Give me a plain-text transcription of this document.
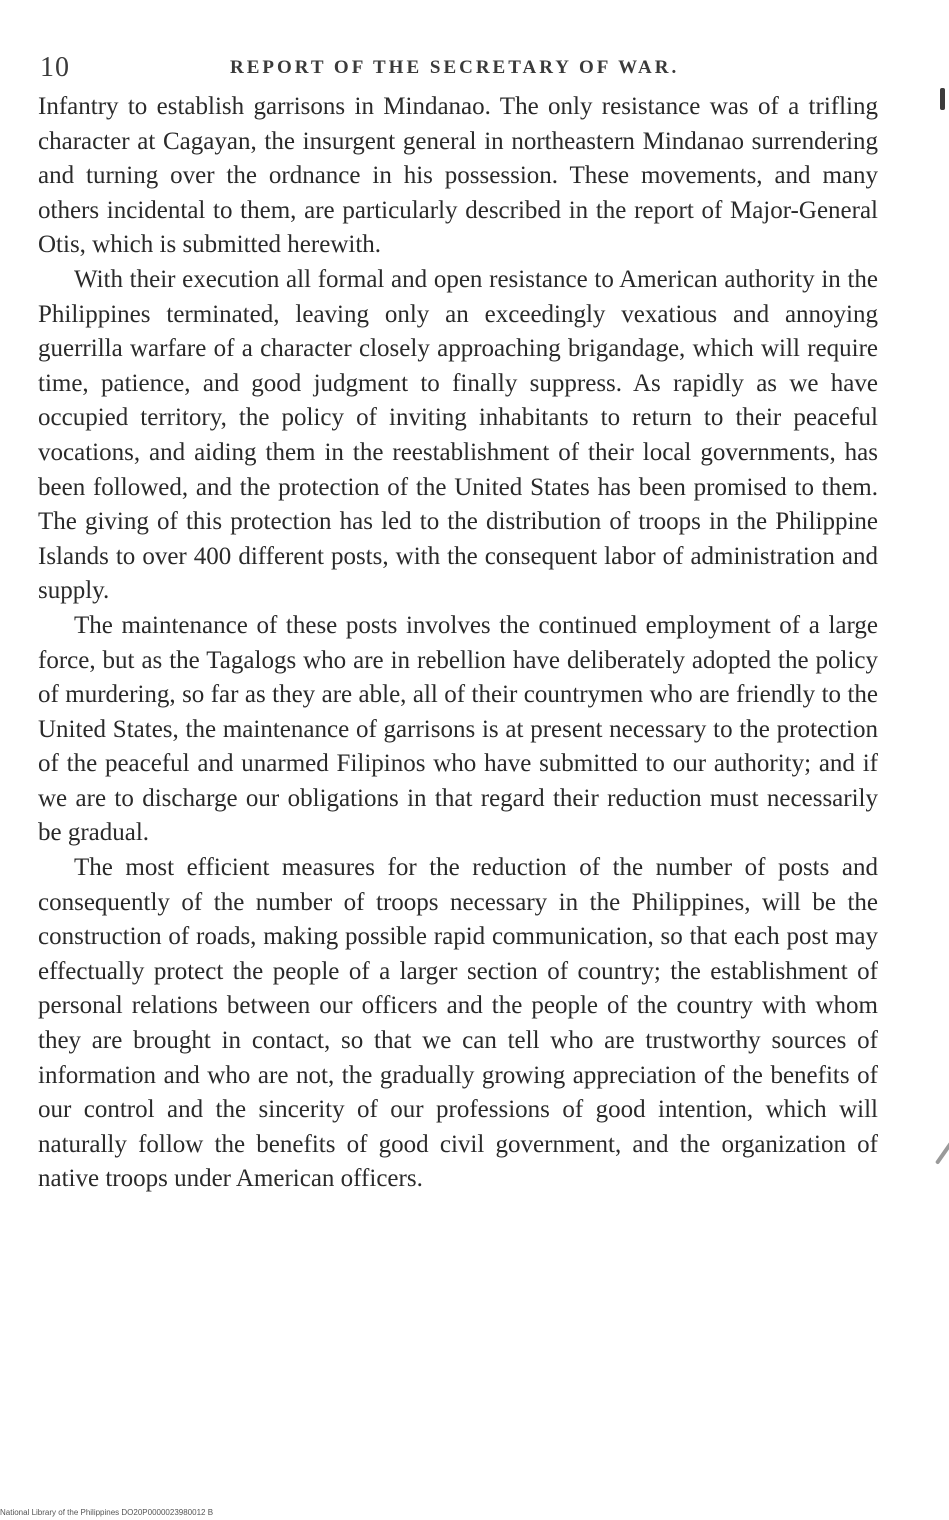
10	REPORT OF THE SECRETARY OF WAR.

Infantry to establish garrisons in Mindanao. The only resistance was of a trifling character at Cagayan, the insurgent general in northeastern Mindanao surrendering and turning over the ordnance in his possession. These movements, and many others incidental to them, are particularly described in the report of Major-General Otis, which is submitted herewith.

With their execution all formal and open resistance to American authority in the Philippines terminated, leaving only an exceedingly vexatious and annoying guerrilla warfare of a character closely approaching brigandage, which will require time, patience, and good judgment to finally suppress. As rapidly as we have occupied territory, the policy of inviting inhabitants to return to their peaceful vocations, and aiding them in the reestablishment of their local governments, has been followed, and the protection of the United States has been promised to them. The giving of this protection has led to the distribution of troops in the Philippine Islands to over 400 different posts, with the consequent labor of administration and supply.

The maintenance of these posts involves the continued employment of a large force, but as the Tagalogs who are in rebellion have deliberately adopted the policy of murdering, so far as they are able, all of their countrymen who are friendly to the United States, the maintenance of garrisons is at present necessary to the protection of the peaceful and unarmed Filipinos who have submitted to our authority; and if we are to discharge our obligations in that regard their reduction must necessarily be gradual.

The most efficient measures for the reduction of the number of posts and consequently of the number of troops necessary in the Philippines, will be the construction of roads, making possible rapid communication, so that each post may effectually protect the people of a larger section of country; the establishment of personal relations between our officers and the people of the country with whom they are brought in contact, so that we can tell who are trustworthy sources of information and who are not, the gradually growing appreciation of the benefits of our control and the sincerity of our professions of good intention, which will naturally follow the benefits of good civil government, and the organization of native troops under American officers.

National Library of the Philippines DO20P0000023980012 B
